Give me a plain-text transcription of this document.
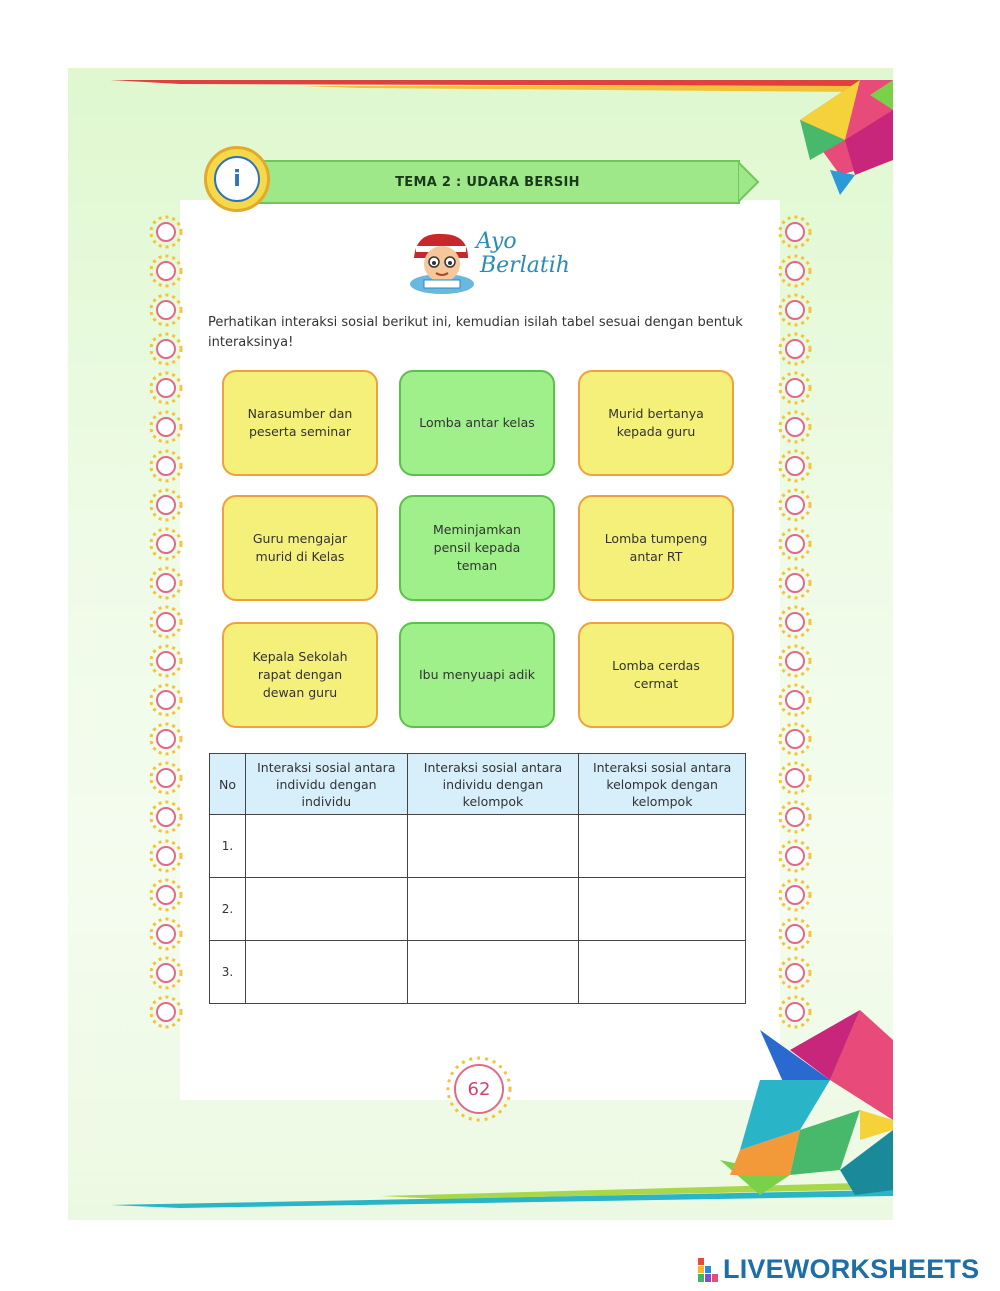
TEMA 2 : UDARA BERSIH
i
Ayo
Berlatih
Perhatikan interaksi sosial berikut ini, kemudian isilah tabel sesuai dengan bentuk interaksinya!
Narasumber dan peserta seminar
Lomba antar kelas
Murid bertanya kepada guru
Guru mengajar murid di Kelas
Meminjamkan pensil kepada teman
Lomba tumpeng antar RT
Kepala Sekolah rapat dengan dewan guru
Ibu menyuapi adik
Lomba cerdas cermat
No	Interaksi sosial antara individu dengan individu	Interaksi sosial antara individu dengan kelompok	Interaksi sosial antara kelompok dengan kelompok
1.			
2.			
3.			
62
LIVEWORKSHEETS
